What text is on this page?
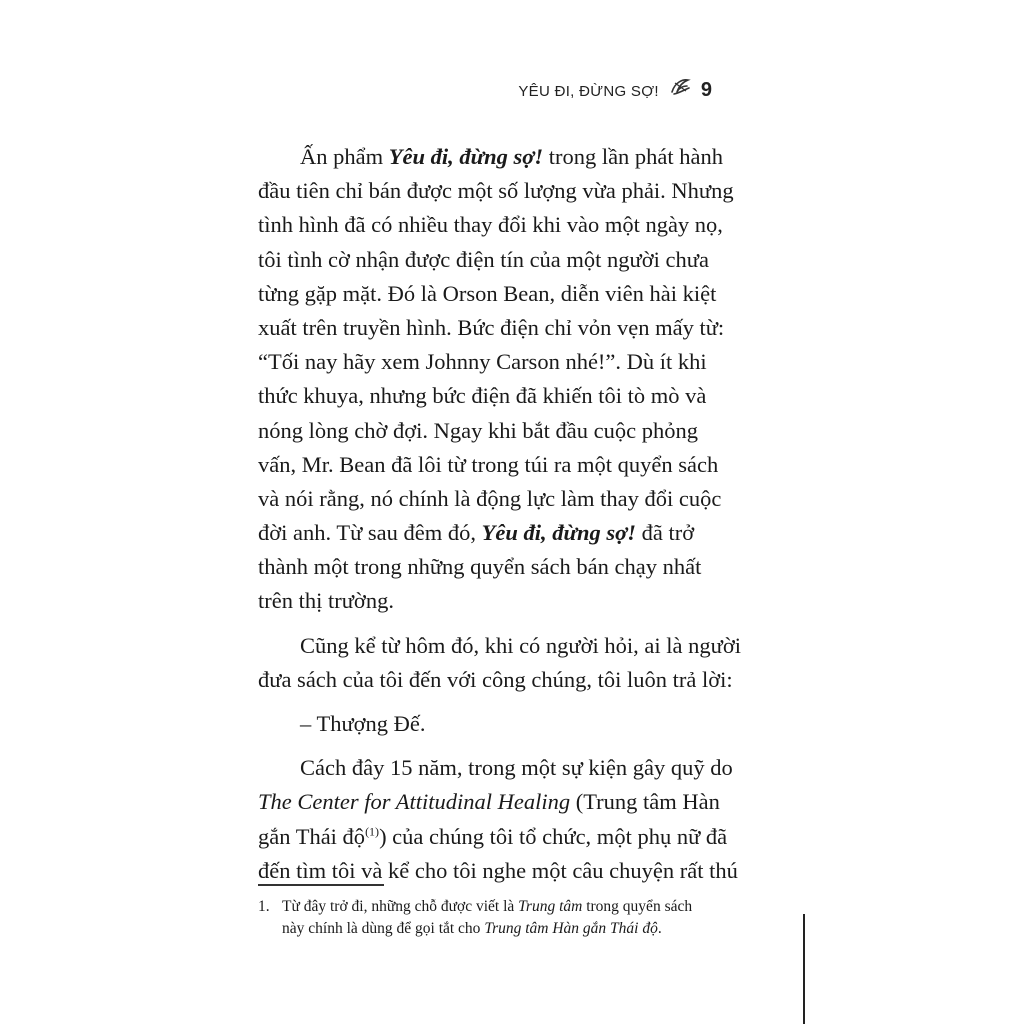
YÊU ĐI, ĐỪNG SỢ! 9
Ấn phẩm Yêu đi, đừng sợ! trong lần phát hành
đầu tiên chỉ bán được một số lượng vừa phải. Nhưng
tình hình đã có nhiều thay đổi khi vào một ngày nọ,
tôi tình cờ nhận được điện tín của một người chưa
từng gặp mặt. Đó là Orson Bean, diễn viên hài kiệt
xuất trên truyền hình. Bức điện chỉ vỏn vẹn mấy từ:
“Tối nay hãy xem Johnny Carson nhé!”. Dù ít khi
thức khuya, nhưng bức điện đã khiến tôi tò mò và
nóng lòng chờ đợi. Ngay khi bắt đầu cuộc phỏng
vấn, Mr. Bean đã lôi từ trong túi ra một quyển sách
và nói rằng, nó chính là động lực làm thay đổi cuộc
đời anh. Từ sau đêm đó, Yêu đi, đừng sợ! đã trở
thành một trong những quyển sách bán chạy nhất
trên thị trường.
Cũng kể từ hôm đó, khi có người hỏi, ai là người
đưa sách của tôi đến với công chúng, tôi luôn trả lời:
– Thượng Đế.
Cách đây 15 năm, trong một sự kiện gây quỹ do
The Center for Attitudinal Healing (Trung tâm Hàn
gắn Thái độ$^{(1)}$) của chúng tôi tổ chức, một phụ nữ đã
đến tìm tôi và kể cho tôi nghe một câu chuyện rất thú
1. Từ đây trở đi, những chỗ được viết là Trung tâm trong quyển sách
này chính là dùng để gọi tắt cho Trung tâm Hàn gắn Thái độ.
